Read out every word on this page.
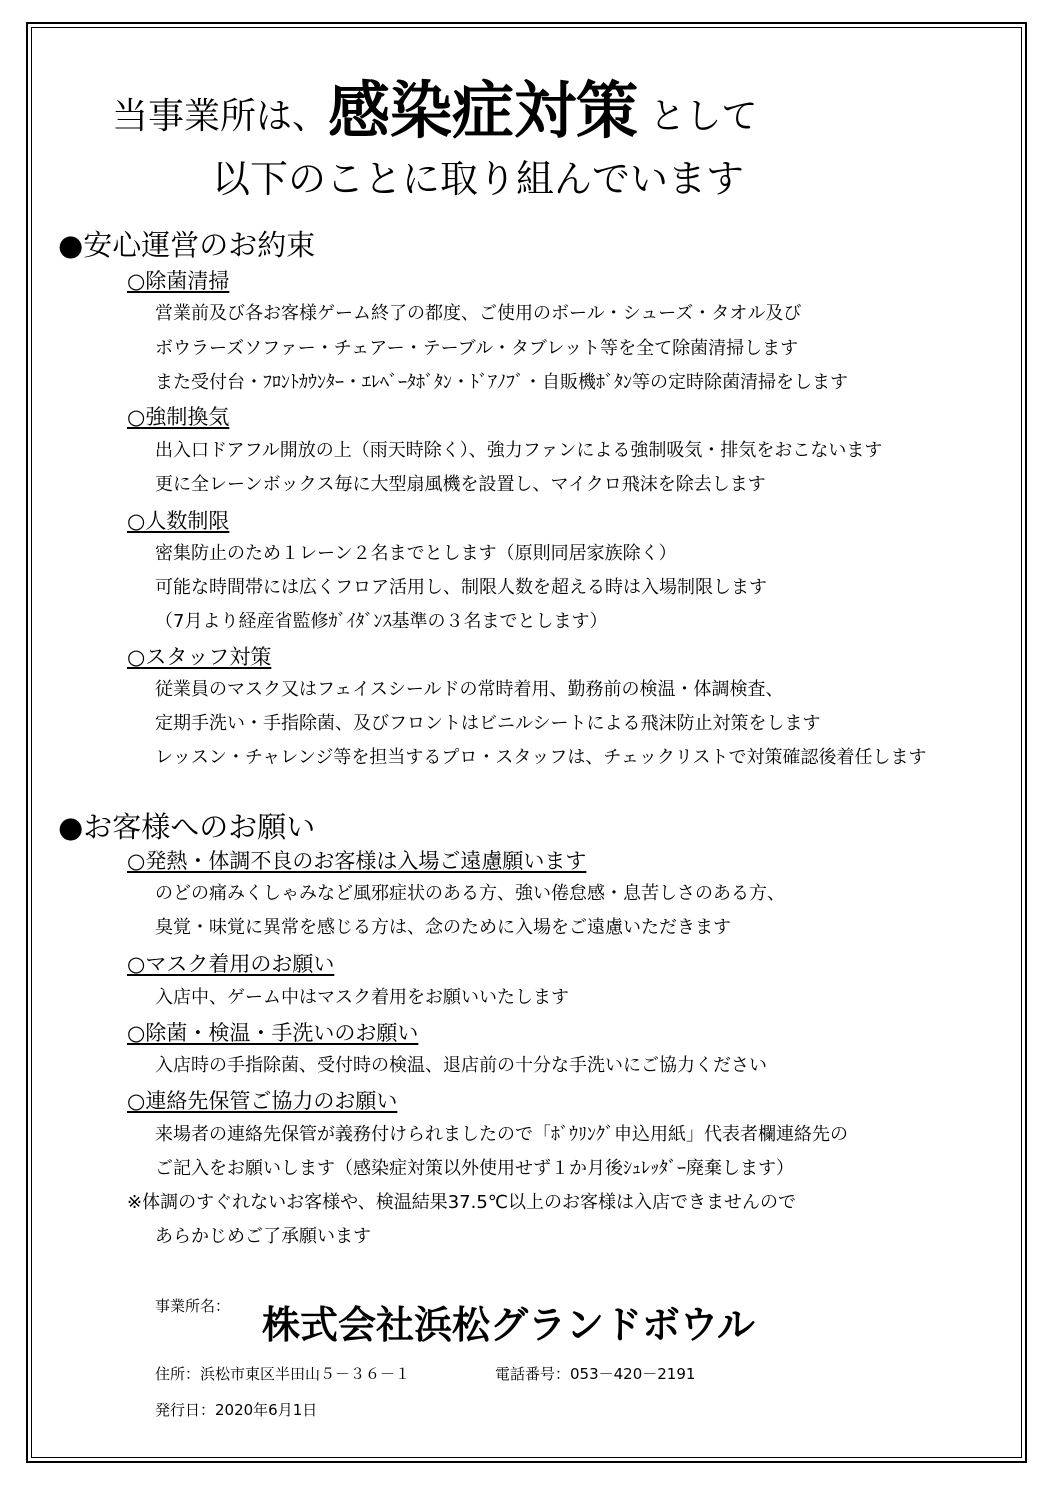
当事業所は、感染症対策 として
以下のことに取り組んでいます
●安心運営のお約束
○除菌清掃
営業前及び各お客様ゲーム終了の都度、ご使用のボール・シューズ・タオル及び
ボウラーズソファー・チェアー・テーブル・タブレット等を全て除菌清掃します
また受付台・ﾌﾛﾝﾄｶｳﾝﾀｰ・ｴﾚﾍﾞｰﾀﾎﾞﾀﾝ・ﾄﾞｱﾉﾌﾞ・自販機ﾎﾞﾀﾝ等の定時除菌清掃をします
○強制換気
出入口ドアフル開放の上（雨天時除く）、強力ファンによる強制吸気・排気をおこないます
更に全レーンボックス毎に大型扇風機を設置し、マイクロ飛沫を除去します
○人数制限
密集防止のため１レーン２名までとします（原則同居家族除く）
可能な時間帯には広くフロア活用し、制限人数を超える時は入場制限します
（7月より経産省監修ｶﾞｲﾀﾞﾝｽ基準の３名までとします）
○スタッフ対策
従業員のマスク又はフェイスシールドの常時着用、勤務前の検温・体調検査、
定期手洗い・手指除菌、及びフロントはビニルシートによる飛沫防止対策をします
レッスン・チャレンジ等を担当するプロ・スタッフは、チェックリストで対策確認後着任します
●お客様へのお願い
○発熱・体調不良のお客様は入場ご遠慮願います
のどの痛みくしゃみなど風邪症状のある方、強い倦怠感・息苦しさのある方、
臭覚・味覚に異常を感じる方は、念のために入場をご遠慮いただきます
○マスク着用のお願い
入店中、ゲーム中はマスク着用をお願いいたします
○除菌・検温・手洗いのお願い
入店時の手指除菌、受付時の検温、退店前の十分な手洗いにご協力ください
○連絡先保管ご協力のお願い
来場者の連絡先保管が義務付けられましたので「ﾎﾞｳﾘﾝｸﾞ申込用紙」代表者欄連絡先の
ご記入をお願いします（感染症対策以外使用せず１か月後ｼｭﾚｯﾀﾞｰ廃棄します）
※体調のすぐれないお客様や、検温結果37.5℃以上のお客様は入店できませんので
あらかじめご了承願います
事業所名： 株式会社浜松グランドボウル
住所：浜松市東区半田山５－３６－１	電話番号：053－420－2191
発行日：2020年6月1日
